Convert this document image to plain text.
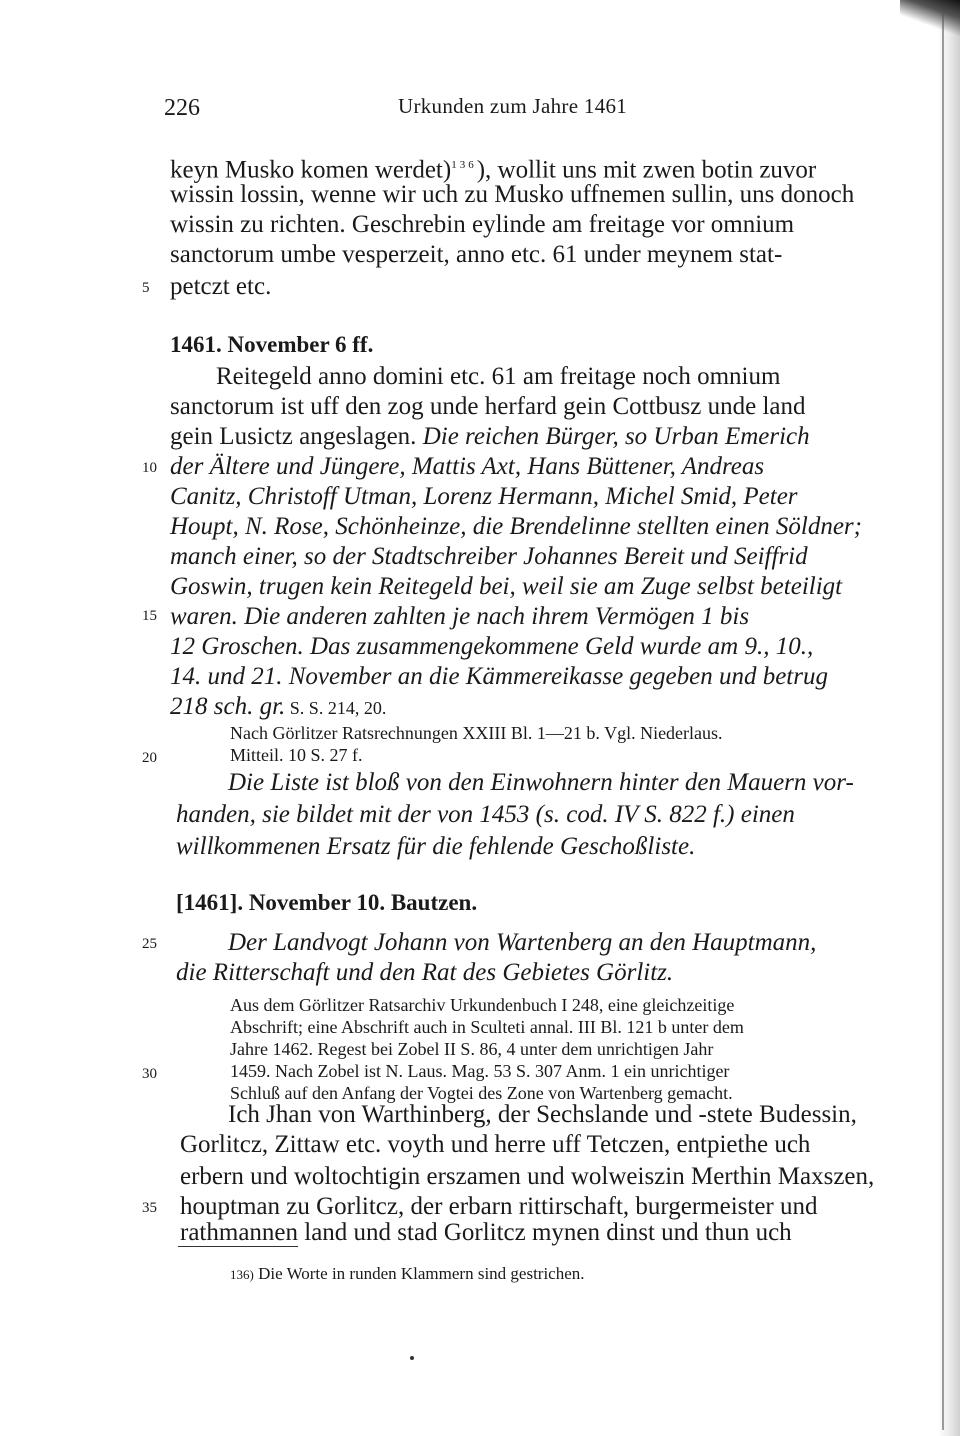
226	Urkunden zum Jahre 1461
keyn Musko komen werdet)$^{136}$), wollit uns mit zwen botin zuvor
wissin lossin, wenne wir uch zu Musko uffnemen sullin, uns donoch
wissin zu richten. Geschrebin eylinde am freitage vor omnium
sanctorum umbe vesperzeit, anno etc. 61 under meynem stat-
petczt etc.
5
1461. November 6 ff.
Reitegeld anno domini etc. 61 am freitage noch omnium
sanctorum ist uff den zog unde herfard gein Cottbusz unde land
gein Lusictz angeslagen. Die reichen Bürger, so Urban Emerich
der Ältere und Jüngere, Mattis Axt, Hans Büttener, Andreas
10
Canitz, Christoff Utman, Lorenz Hermann, Michel Smid, Peter
Houpt, N. Rose, Schönheinze, die Brendelinne stellten einen Söldner;
manch einer, so der Stadtschreiber Johannes Bereit und Seiffrid
Goswin, trugen kein Reitegeld bei, weil sie am Zuge selbst beteiligt
waren. Die anderen zahlten je nach ihrem Vermögen 1 bis
15
12 Groschen. Das zusammengekommene Geld wurde am 9., 10.,
14. und 21. November an die Kämmereikasse gegeben und betrug
218 sch. gr. S. S. 214, 20.
Nach Görlitzer Ratsrechnungen XXIII Bl. 1—21 b. Vgl. Niederlaus.
Mitteil. 10 S. 27 f.
20
Die Liste ist bloß von den Einwohnern hinter den Mauern vor-
handen, sie bildet mit der von 1453 (s. cod. IV S. 822 f.) einen
willkommenen Ersatz für die fehlende Geschoßliste.
[1461]. November 10. Bautzen.
Der Landvogt Johann von Wartenberg an den Hauptmann,
25
die Ritterschaft und den Rat des Gebietes Görlitz.
Aus dem Görlitzer Ratsarchiv Urkundenbuch I 248, eine gleichzeitige
Abschrift; eine Abschrift auch in Sculteti annal. III Bl. 121 b unter dem
Jahre 1462. Regest bei Zobel II S. 86, 4 unter dem unrichtigen Jahr
1459. Nach Zobel ist N. Laus. Mag. 53 S. 307 Anm. 1 ein unrichtiger
30
Schluß auf den Anfang der Vogtei des Zone von Wartenberg gemacht.
Ich Jhan von Warthinberg, der Sechslande und -stete Budessin,
Gorlitcz, Zittaw etc. voyth und herre uff Tetczen, entpiethe uch
erbern und woltochtigin erszamen und wolweiszin Merthin Maxszen,
houptman zu Gorlitcz, der erbarn rittirschaft, burgermeister und
35
rathmannen land und stad Gorlitcz mynen dinst und thun uch
136) Die Worte in runden Klammern sind gestrichen.
